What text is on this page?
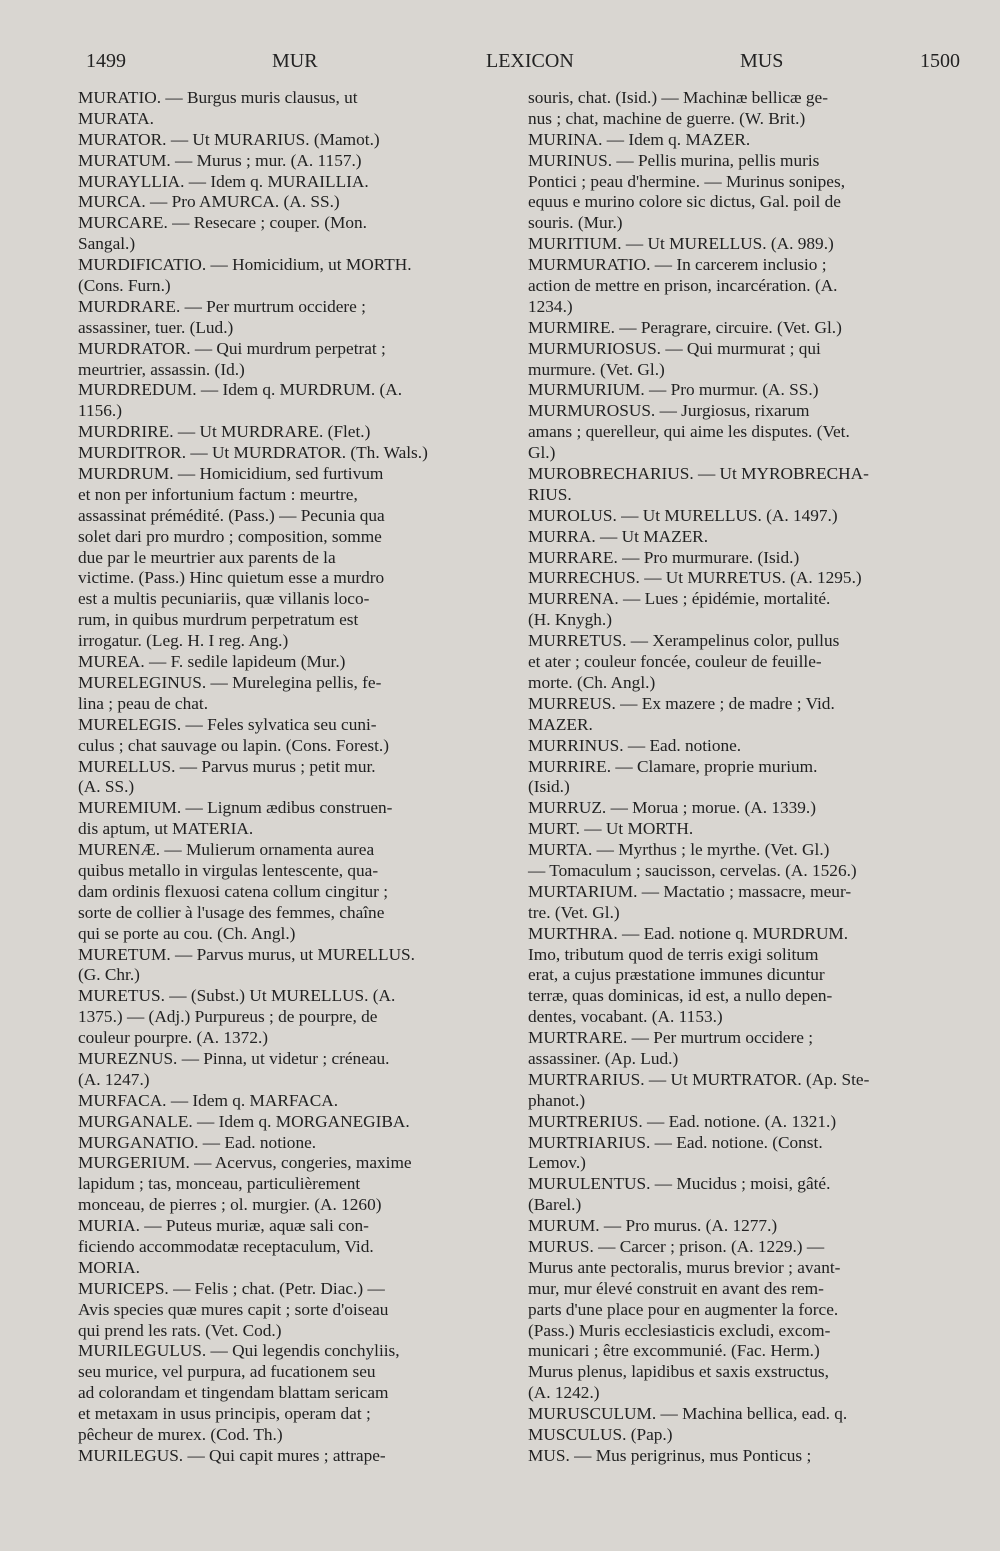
1499	MUR	LEXICON	MUS	1500
MURATIO. — Burgus muris clausus, ut
MURATA.
MURATOR. — Ut MURARIUS. (Mamot.)
MURATUM. — Murus ; mur. (A. 1157.)
MURAYLLIA. — Idem q. MURAILLIA.
MURCA. — Pro AMURCA. (A. SS.)
MURCARE. — Resecare ; couper. (Mon.
Sangal.)
MURDIFICATIO. — Homicidium, ut MORTH.
(Cons. Furn.)
MURDRARE. — Per murtrum occidere ;
assassiner, tuer. (Lud.)
MURDRATOR. — Qui murdrum perpetrat ;
meurtrier, assassin. (Id.)
MURDREDUM. — Idem q. MURDRUM. (A.
1156.)
MURDRIRE. — Ut MURDRARE. (Flet.)
MURDITROR. — Ut MURDRATOR. (Th. Wals.)
MURDRUM. — Homicidium, sed furtivum
et non per infortunium factum : meurtre,
assassinat prémédité. (Pass.) — Pecunia qua
solet dari pro murdro ; composition, somme
due par le meurtrier aux parents de la
victime. (Pass.) Hinc quietum esse a murdro
est a multis pecuniariis, quæ villanis loco-
rum, in quibus murdrum perpetratum est
irrogatur. (Leg. H. I reg. Ang.)
MUREA. — F. sedile lapideum (Mur.)
MURELEGINUS. — Murelegina pellis, fe-
lina ; peau de chat.
MURELEGIS. — Feles sylvatica seu cuni-
culus ; chat sauvage ou lapin. (Cons. Forest.)
MURELLUS. — Parvus murus ; petit mur.
(A. SS.)
MUREMIUM. — Lignum ædibus construen-
dis aptum, ut MATERIA.
MURENÆ. — Mulierum ornamenta aurea
quibus metallo in virgulas lentescente, qua-
dam ordinis flexuosi catena collum cingitur ;
sorte de collier à l'usage des femmes, chaîne
qui se porte au cou. (Ch. Angl.)
MURETUM. — Parvus murus, ut MURELLUS.
(G. Chr.)
MURETUS. — (Subst.) Ut MURELLUS. (A.
1375.) — (Adj.) Purpureus ; de pourpre, de
couleur pourpre. (A. 1372.)
MUREZNUS. — Pinna, ut videtur ; créneau.
(A. 1247.)
MURFACA. — Idem q. MARFACA.
MURGANALE. — Idem q. MORGANEGIBA.
MURGANATIO. — Ead. notione.
MURGERIUM. — Acervus, congeries, maxime
lapidum ; tas, monceau, particulièrement
monceau, de pierres ; ol. murgier. (A. 1260)
MURIA. — Puteus muriæ, aquæ sali con-
ficiendo accommodatæ receptaculum, Vid.
MORIA.
MURICEPS. — Felis ; chat. (Petr. Diac.) —
Avis species quæ mures capit ; sorte d'oiseau
qui prend les rats. (Vet. Cod.)
MURILEGULUS. — Qui legendis conchyliis,
seu murice, vel purpura, ad fucationem seu
ad colorandam et tingendam blattam sericam
et metaxam in usus principis, operam dat ;
pêcheur de murex. (Cod. Th.)
MURILEGUS. — Qui capit mures ; attrape-
souris, chat. (Isid.) — Machinæ bellicæ ge-
nus ; chat, machine de guerre. (W. Brit.)
MURINA. — Idem q. MAZER.
MURINUS. — Pellis murina, pellis muris
Pontici ; peau d'hermine. — Murinus sonipes,
equus e murino colore sic dictus, Gal. poil de
souris. (Mur.)
MURITIUM. — Ut MURELLUS. (A. 989.)
MURMURATIO. — In carcerem inclusio ;
action de mettre en prison, incarcération. (A.
1234.)
MURMIRE. — Peragrare, circuire. (Vet. Gl.)
MURMURIOSUS. — Qui murmurat ; qui
murmure. (Vet. Gl.)
MURMURIUM. — Pro murmur. (A. SS.)
MURMUROSUS. — Jurgiosus, rixarum
amans ; querelleur, qui aime les disputes. (Vet.
Gl.)
MUROBRECHARIUS. — Ut MYROBRECHA-
RIUS.
MUROLUS. — Ut MURELLUS. (A. 1497.)
MURRA. — Ut MAZER.
MURRARE. — Pro murmurare. (Isid.)
MURRECHUS. — Ut MURRETUS. (A. 1295.)
MURRENA. — Lues ; épidémie, mortalité.
(H. Knygh.)
MURRETUS. — Xerampelinus color, pullus
et ater ; couleur foncée, couleur de feuille-
morte. (Ch. Angl.)
MURREUS. — Ex mazere ; de madre ; Vid.
MAZER.
MURRINUS. — Ead. notione.
MURRIRE. — Clamare, proprie murium.
(Isid.)
MURRUZ. — Morua ; morue. (A. 1339.)
MURT. — Ut MORTH.
MURTA. — Myrthus ; le myrthe. (Vet. Gl.)
— Tomaculum ; saucisson, cervelas. (A. 1526.)
MURTARIUM. — Mactatio ; massacre, meur-
tre. (Vet. Gl.)
MURTHRA. — Ead. notione q. MURDRUM.
Imo, tributum quod de terris exigi solitum
erat, a cujus præstatione immunes dicuntur
terræ, quas dominicas, id est, a nullo depen-
dentes, vocabant. (A. 1153.)
MURTRARE. — Per murtrum occidere ;
assassiner. (Ap. Lud.)
MURTRARIUS. — Ut MURTRATOR. (Ap. Ste-
phanot.)
MURTRERIUS. — Ead. notione. (A. 1321.)
MURTRIARIUS. — Ead. notione. (Const.
Lemov.)
MURULENTUS. — Mucidus ; moisi, gâté.
(Barel.)
MURUM. — Pro murus. (A. 1277.)
MURUS. — Carcer ; prison. (A. 1229.) —
Murus ante pectoralis, murus brevior ; avant-
mur, mur élevé construit en avant des rem-
parts d'une place pour en augmenter la force.
(Pass.) Muris ecclesiasticis excludi, excom-
municari ; être excommunié. (Fac. Herm.)
Murus plenus, lapidibus et saxis exstructus,
(A. 1242.)
MURUSCULUM. — Machina bellica, ead. q.
MUSCULUS. (Pap.)
MUS. — Mus perigrinus, mus Ponticus ;
